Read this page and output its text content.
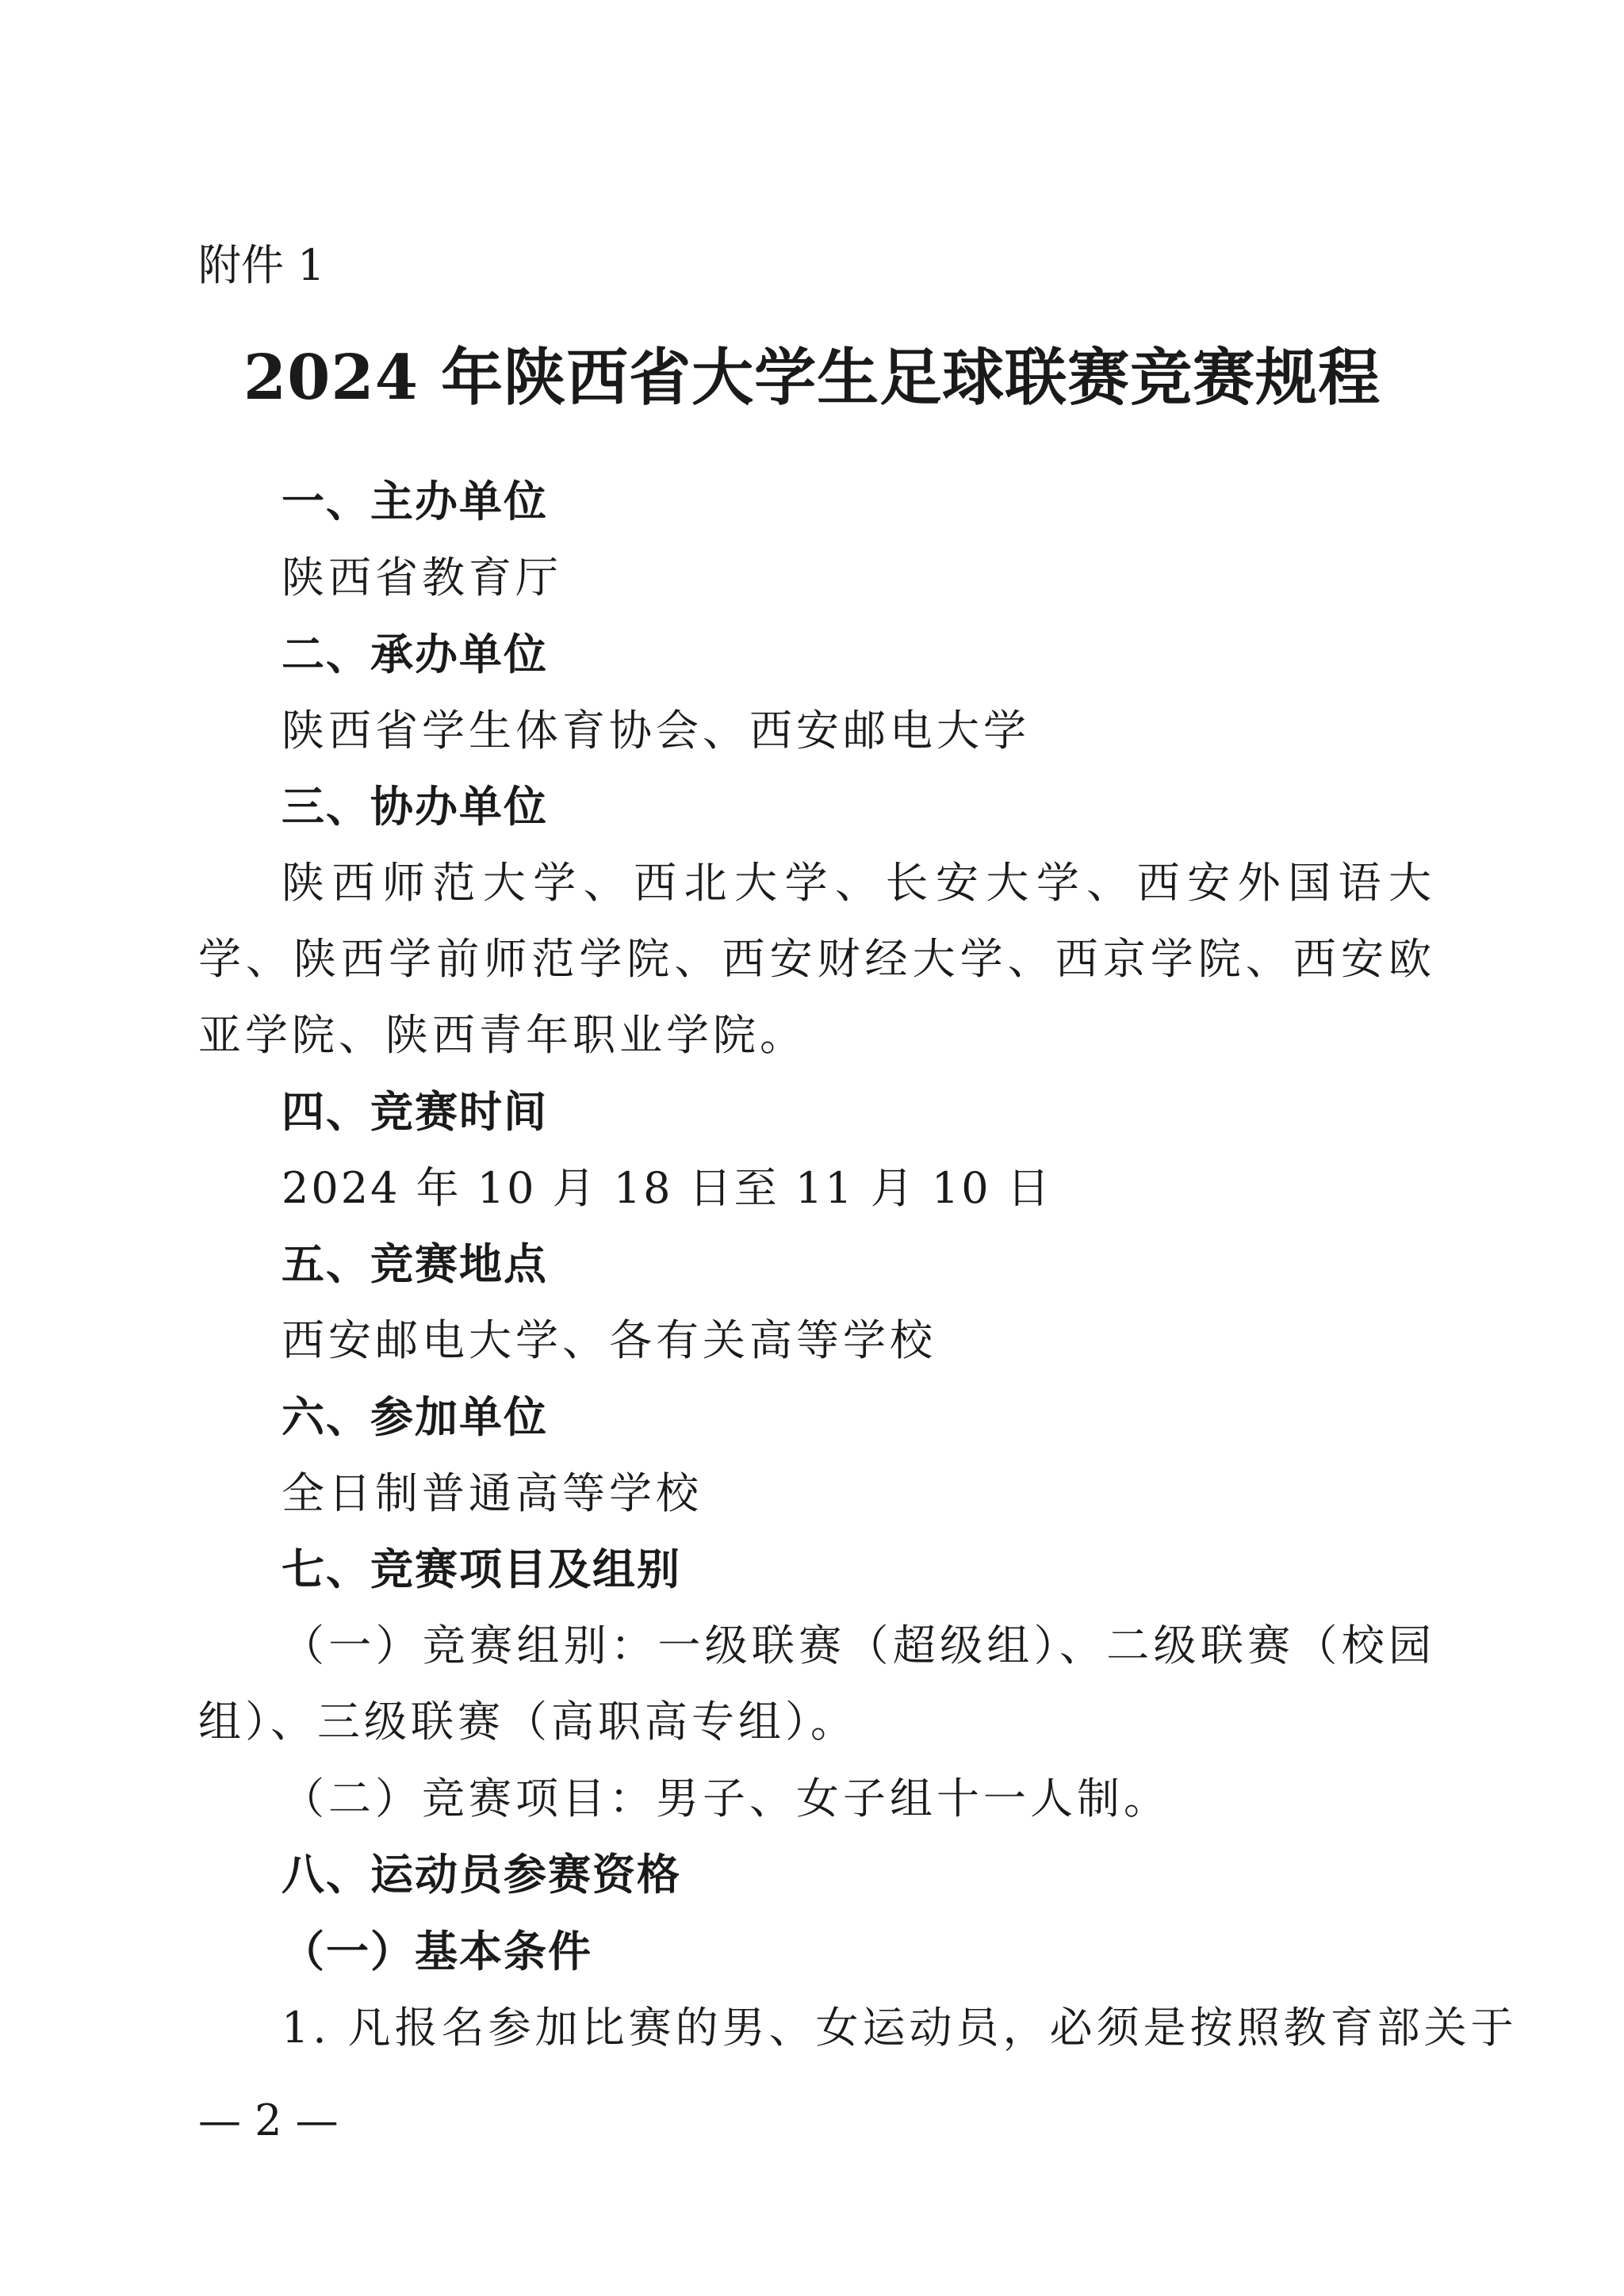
附件 1
2024 年陕西省大学生足球联赛竞赛规程
一、主办单位
陕西省教育厅
二、承办单位
陕西省学生体育协会、西安邮电大学
三、协办单位
陕西师范大学、西北大学、长安大学、西安外国语大学、陕西学前师范学院、西安财经大学、西京学院、西安欧亚学院、陕西青年职业学院。
四、竞赛时间
2024 年 10 月 18 日至 11 月 10 日
五、竞赛地点
西安邮电大学、各有关高等学校
六、参加单位
全日制普通高等学校
七、竞赛项目及组别
（一）竞赛组别：一级联赛（超级组）、二级联赛（校园组）、三级联赛（高职高专组）。
（二）竞赛项目：男子、女子组十一人制。
八、运动员参赛资格
（一）基本条件
1. 凡报名参加比赛的男、女运动员，必须是按照教育部关于
— 2 —
